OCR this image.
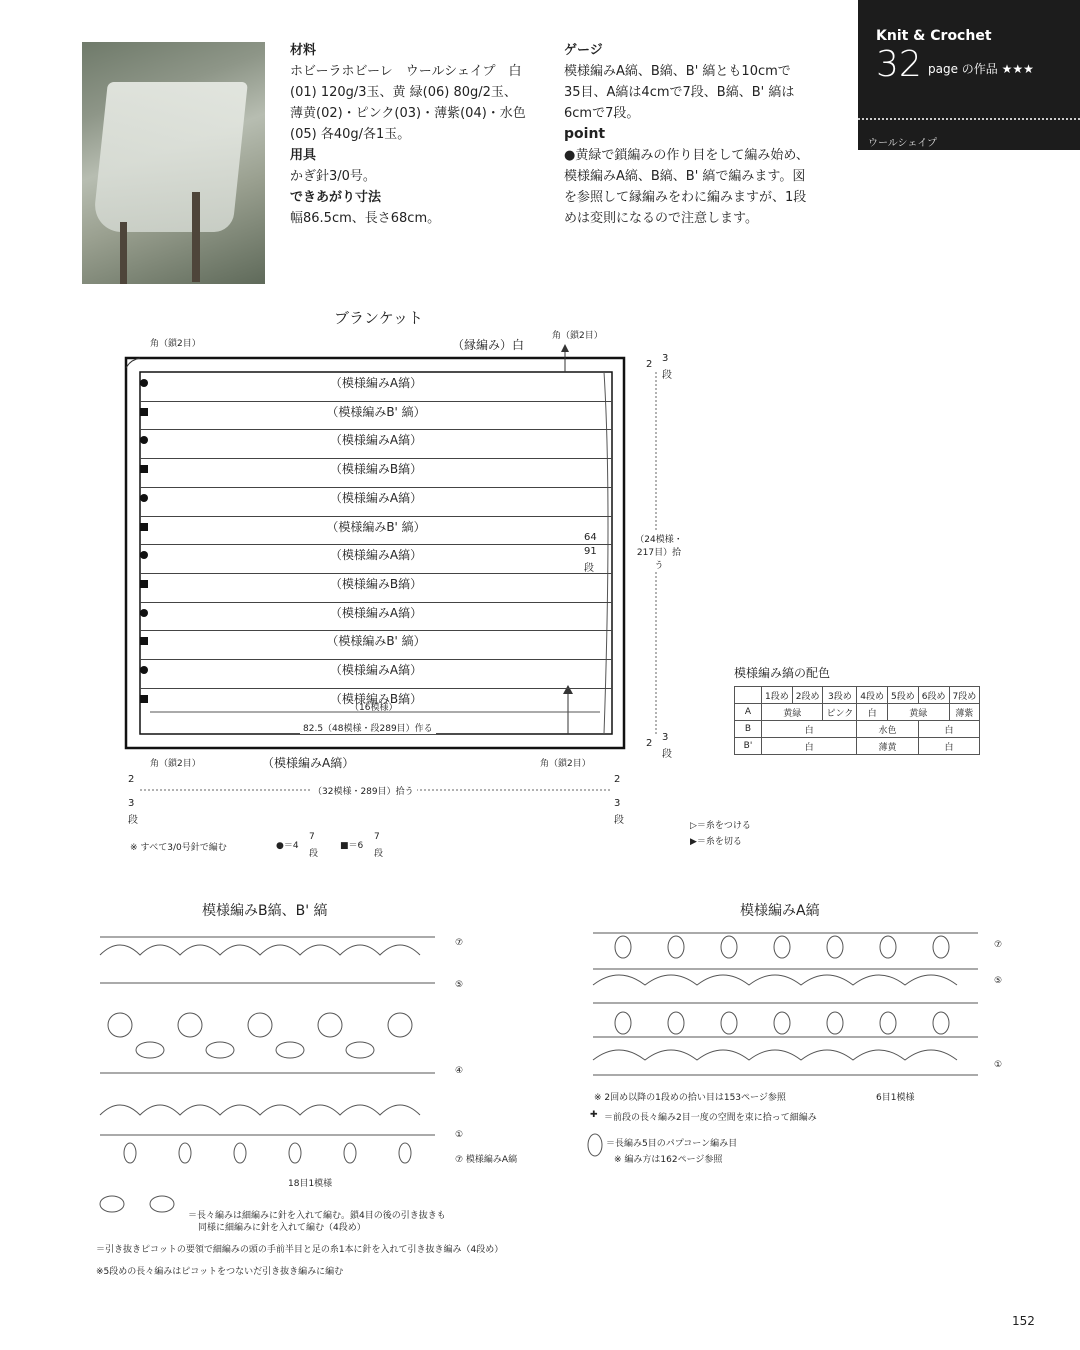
材料
ホビーラホビーレ　ウールシェイプ　白
(01) 120g/3玉、黄 緑(06) 80g/2玉、
薄黄(02)・ピンク(03)・薄紫(04)・水色
(05) 各40g/各1玉。
用具
かぎ針3/0号。
できあがり寸法
幅86.5cm、長さ68cm。
ゲージ
模様編みA縞、B縞、B' 縞とも10cmで
35目、A縞は4cmで7段、B縞、B' 縞は
6cmで7段。
point
●黄緑で鎖編みの作り目をして編み始め、
模様編みA縞、B縞、B' 縞で編みます。図
を参照して縁編みをわに編みますが、1段
めは変則になるので注意します。
Knit & Crochet
32 page の作品 ★★★
ウールシェイプ
ブランケット
角（鎖2目）
角（鎖2目）
（縁編み）白
（模様編みA縞）
（模様編みB' 縞）
（模様編みA縞）
（模様編みB縞）
（模様編みA縞）
（模様編みB' 縞）
（模様編みA縞）
（模様編みB縞）
（模様編みA縞）
（模様編みB' 縞）
（模様編みA縞）
（模様編みB縞）
（16模様）
82.5（48模様・段289目）作る
（模様編みA縞）
角（鎖2目）	角（鎖2目）
64
91
段
（24模様・217目）拾う
2
3
段
2
3
段
2
3
段
2
3
段
（32模様・289目）拾う
※ すべて3/0号針で編む	●＝4
7
段
■＝6
7
段
▷＝糸をつける
▶＝糸を切る
模様編み縞の配色
	1段め	2段め	3段め	4段め	5段め	6段め	7段め
A	黄緑		ピンク	白	黄緑		薄紫
B	白			水色		白	
B'	白			薄黄		白	
模様編みB縞、B' 縞
⑦
⑤
④
①
⑦ 模様編みA縞
18目1模様
＝長々編みは細編みに針を入れて編む。鎖4目の後の引き抜きも
同様に細編みに針を入れて編む（4段め）
＝引き抜きピコットの要領で細編みの頭の手前半目と足の糸1本に針を入れて引き抜き編み（4段め）
※5段めの長々編みはピコットをつないだ引き抜き編みに編む
模様編みA縞
⑦
⑤
①
6目1模様
※ 2回め以降の1段めの拾い目は153ページ参照
✚ ＝前段の長々編み2目一度の空間を束に拾って細編み
＝長編み5目のパプコーン編み目
※ 編み方は162ページ参照
152
